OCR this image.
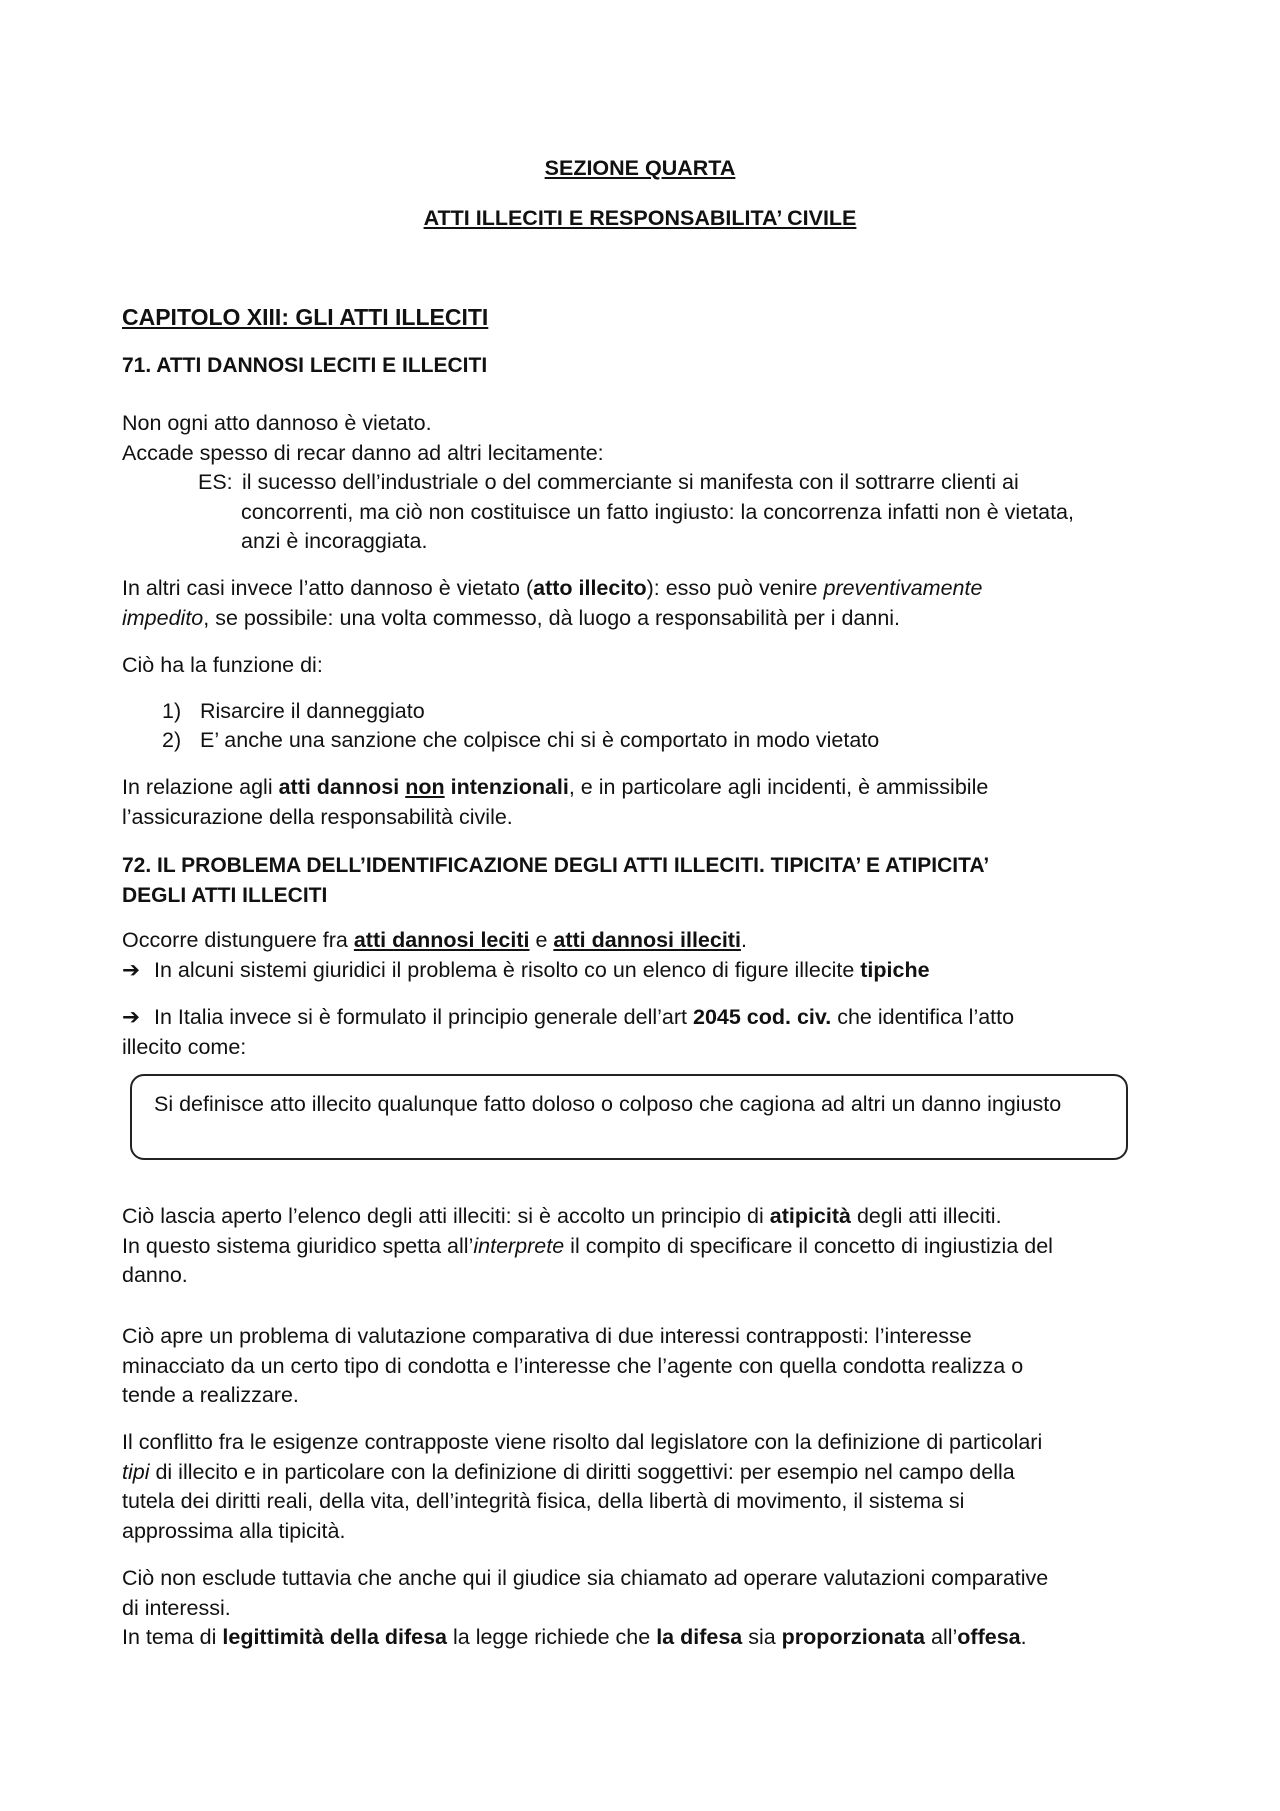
SEZIONE QUARTA
ATTI ILLECITI E RESPONSABILITA’ CIVILE
CAPITOLO XIII: GLI ATTI ILLECITI
71. ATTI DANNOSI LECITI E ILLECITI
Non ogni atto dannoso è vietato.
Accade spesso di recar danno ad altri lecitamente:
ES: il sucesso dell’industriale o del commerciante si manifesta con il sottrarre clienti ai
concorrenti, ma ciò non costituisce un fatto ingiusto: la concorrenza infatti non è vietata,
anzi è incoraggiata.
In altri casi invece l’atto dannoso è vietato (atto illecito): esso può venire preventivamente
impedito, se possibile: una volta commesso, dà luogo a responsabilità per i danni.
Ciò ha la funzione di:
1) Risarcire il danneggiato
2) E’ anche una sanzione che colpisce chi si è comportato in modo vietato
In relazione agli atti dannosi non intenzionali, e in particolare agli incidenti, è ammissibile
l’assicurazione della responsabilità civile.
72. IL PROBLEMA DELL’IDENTIFICAZIONE DEGLI ATTI ILLECITI. TIPICITA’ E ATIPICITA’
DEGLI ATTI ILLECITI
Occorre distunguere fra atti dannosi leciti e atti dannosi illeciti.
➔ In alcuni sistemi giuridici il problema è risolto co un elenco di figure illecite tipiche
➔ In Italia invece si è formulato il principio generale dell’art 2045 cod. civ. che identifica l’atto
illecito come:
Si definisce atto illecito qualunque fatto doloso o colposo che cagiona ad altri un danno ingiusto
Ciò lascia aperto l’elenco degli atti illeciti: si è accolto un principio di atipicità degli atti illeciti.
In questo sistema giuridico spetta all’interprete il compito di specificare il concetto di ingiustizia del
danno.
Ciò apre un problema di valutazione comparativa di due interessi contrapposti: l’interesse
minacciato da un certo tipo di condotta e l’interesse che l’agente con quella condotta realizza o
tende a realizzare.
Il conflitto fra le esigenze contrapposte viene risolto dal legislatore con la definizione di particolari
tipi di illecito e in particolare con la definizione di diritti soggettivi: per esempio nel campo della
tutela dei diritti reali, della vita, dell’integrità fisica, della libertà di movimento, il sistema si
approssima alla tipicità.
Ciò non esclude tuttavia che anche qui il giudice sia chiamato ad operare valutazioni comparative
di interessi.
In tema di legittimità della difesa la legge richiede che la difesa sia proporzionata all’offesa.
